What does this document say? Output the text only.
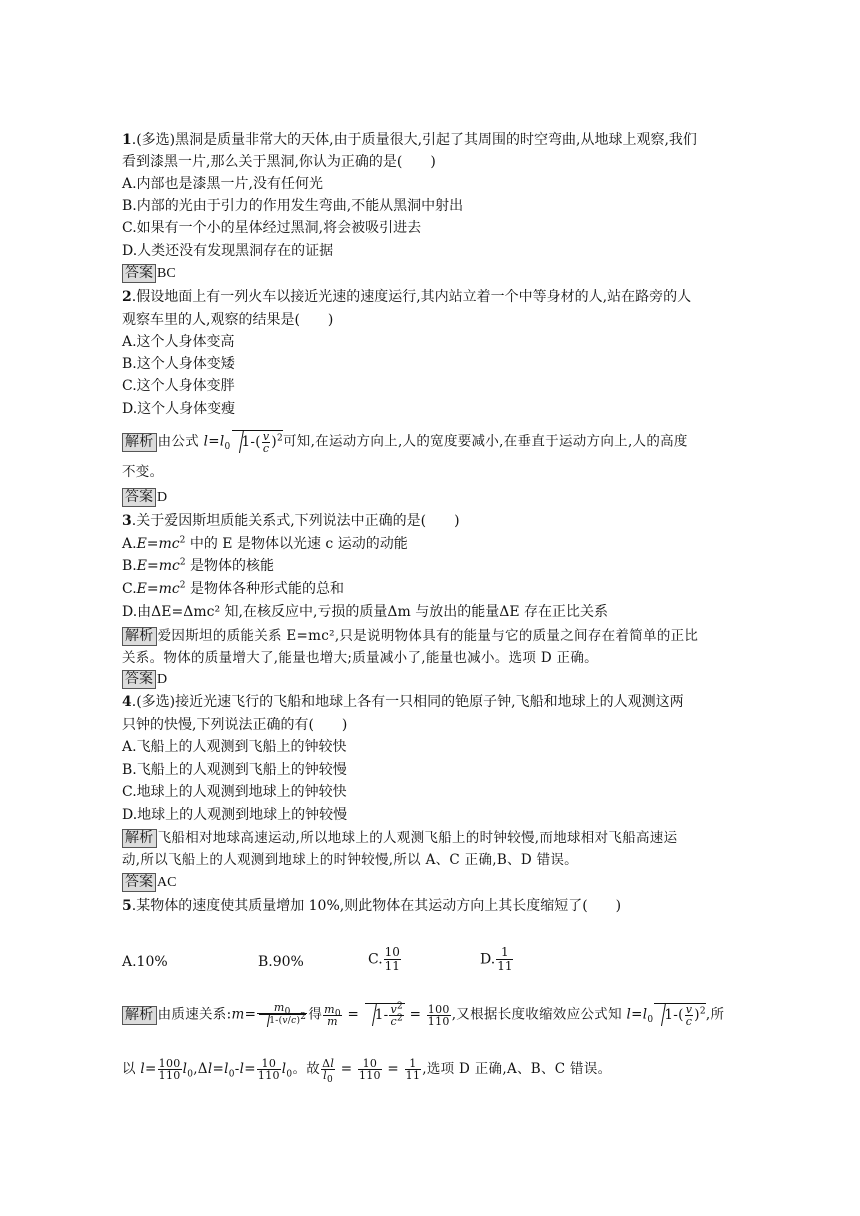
1.(多选)黑洞是质量非常大的天体,由于质量很大,引起了其周围的时空弯曲,从地球上观察,我们
看到漆黑一片,那么关于黑洞,你认为正确的是(　　)
A.内部也是漆黑一片,没有任何光
B.内部的光由于引力的作用发生弯曲,不能从黑洞中射出
C.如果有一个小的星体经过黑洞,将会被吸引进去
D.人类还没有发现黑洞存在的证据
答案 BC
2.假设地面上有一列火车以接近光速的速度运行,其内站立着一个中等身材的人,站在路旁的人
观察车里的人,观察的结果是(　　)
A.这个人身体变高
B.这个人身体变矮
C.这个人身体变胖
D.这个人身体变瘦
解析 由公式 $l=l_0$ $1-( \frac{v}{c} )^2$可知,在运动方向上,人的宽度要减小,在垂直于运动方向上,人的高度
不变。
答案 D
3.关于爱因斯坦质能关系式,下列说法中正确的是(　　)
$A.E=mc^2$ 中的 E 是物体以光速 c 运动的动能
$B.E=mc^2$ 是物体的核能
$C.E=mc^2$ 是物体各种形式能的总和
D.由ΔE=Δmc² 知,在核反应中,亏损的质量Δm 与放出的能量ΔE 存在正比关系
解析 爱因斯坦的质能关系 E=mc²,只是说明物体具有的能量与它的质量之间存在着简单的正比
关系。物体的质量增大了,能量也增大;质量减小了,能量也减小。选项 D 正确。
答案 D
4.(多选)接近光速飞行的飞船和地球上各有一只相同的铯原子钟,飞船和地球上的人观测这两
只钟的快慢,下列说法正确的有(　　)
A.飞船上的人观测到飞船上的钟较快
B.飞船上的人观测到飞船上的钟较慢
C.地球上的人观测到地球上的钟较快
D.地球上的人观测到地球上的钟较慢
解析 飞船相对地球高速运动,所以地球上的人观测飞船上的时钟较慢,而地球相对飞船高速运
动,所以飞船上的人观测到地球上的时钟较慢,所以 A、C 正确,B、D 错误。
答案 AC
5.某物体的速度使其质量增加 10%,则此物体在其运动方向上其长度缩短了(　　)
A.10%	B.90%	C. $\frac{10}{11}$	D. $\frac{1}{11}$
解析 由质速关系:m= $\frac{m_0}{1-(v/c)^2}$ 得 $\frac{m_0}{m} = 1- \frac{v^2}{c^2} = \frac{100}{110}$ ,又根据长度收缩效应公式知 $l=l_0$ $1-( \frac{v}{c} )^2$,所
以 $l= \frac{100}{110} l_0,\Delta l=l_0-l= \frac{10}{110} l_0$。故 $\frac{\Delta l}{l_0} = \frac{10}{110} = \frac{1}{11}$ ,选项 D 正确,A、B、C 错误。
